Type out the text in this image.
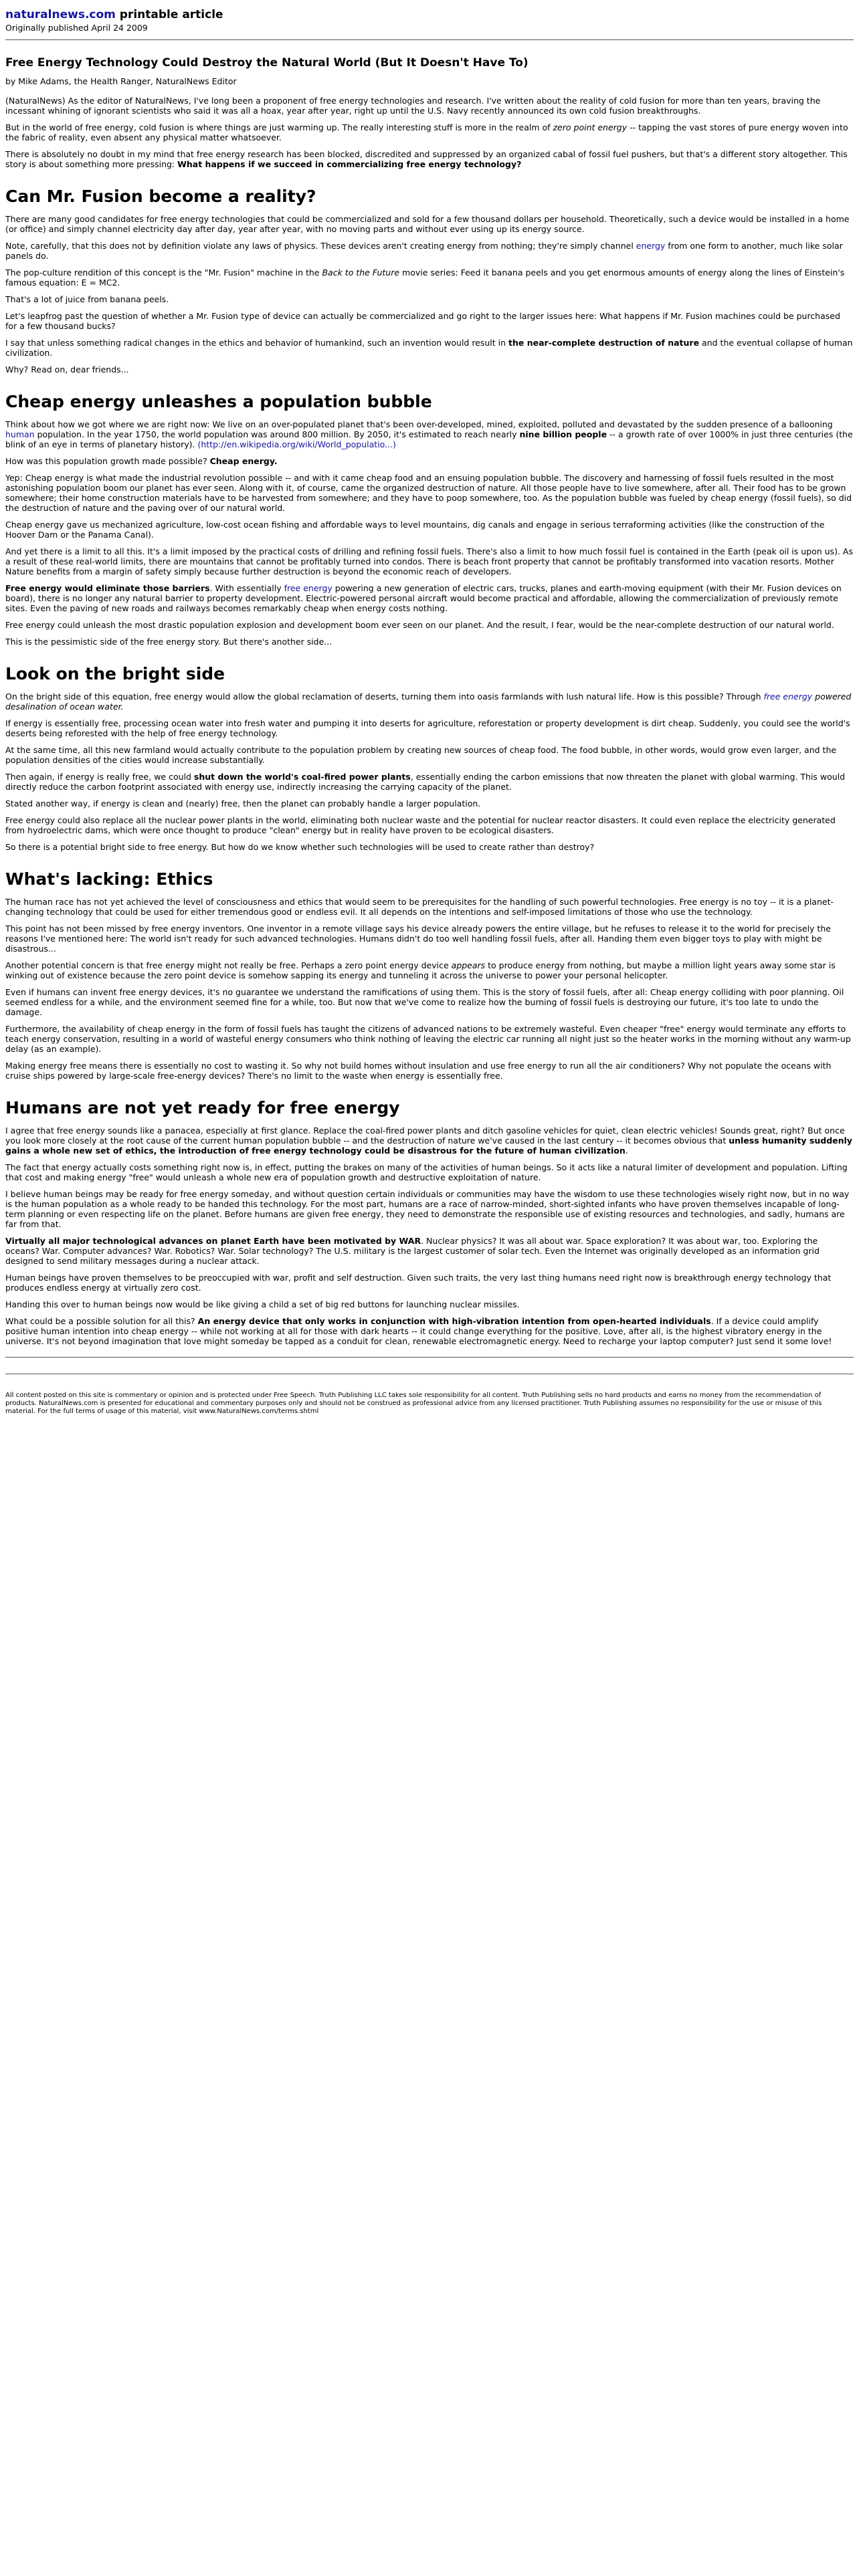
naturalnews.com printable article
Originally published April 24 2009
Free Energy Technology Could Destroy the Natural World (But It Doesn't Have To)
by Mike Adams, the Health Ranger, NaturalNews Editor

(NaturalNews) As the editor of NaturalNews, I've long been a proponent of free energy technologies and research. I've written about the reality of cold fusion for more than ten years, braving the incessant whining of ignorant scientists who said it was all a hoax, year after year, right up until the U.S. Navy recently announced its own cold fusion breakthroughs.

But in the world of free energy, cold fusion is where things are just warming up. The really interesting stuff is more in the realm of zero point energy -- tapping the vast stores of pure energy woven into the fabric of reality, even absent any physical matter whatsoever.

There is absolutely no doubt in my mind that free energy research has been blocked, discredited and suppressed by an organized cabal of fossil fuel pushers, but that's a different story altogether. This story is about something more pressing: What happens if we succeed in commercializing free energy technology?

Can Mr. Fusion become a reality?

There are many good candidates for free energy technologies that could be commercialized and sold for a few thousand dollars per household. Theoretically, such a device would be installed in a home (or office) and simply channel electricity day after day, year after year, with no moving parts and without ever using up its energy source.

Note, carefully, that this does not by definition violate any laws of physics. These devices aren't creating energy from nothing; they're simply channel energy from one form to another, much like solar panels do.

The pop-culture rendition of this concept is the "Mr. Fusion" machine in the Back to the Future movie series: Feed it banana peels and you get enormous amounts of energy along the lines of Einstein's famous equation: E = MC2.

That's a lot of juice from banana peels.

Let's leapfrog past the question of whether a Mr. Fusion type of device can actually be commercialized and go right to the larger issues here: What happens if Mr. Fusion machines could be purchased for a few thousand bucks?

I say that unless something radical changes in the ethics and behavior of humankind, such an invention would result in the near-complete destruction of nature and the eventual collapse of human civilization.

Why? Read on, dear friends...

Cheap energy unleashes a population bubble

Think about how we got where we are right now: We live on an over-populated planet that's been over-developed, mined, exploited, polluted and devastated by the sudden presence of a ballooning human population. In the year 1750, the world population was around 800 million. By 2050, it's estimated to reach nearly nine billion people -- a growth rate of over 1000% in just three centuries (the blink of an eye in terms of planetary history). (http://en.wikipedia.org/wiki/World_populatio...)

How was this population growth made possible? Cheap energy.

Yep: Cheap energy is what made the industrial revolution possible -- and with it came cheap food and an ensuing population bubble. The discovery and harnessing of fossil fuels resulted in the most astonishing population boom our planet has ever seen. Along with it, of course, came the organized destruction of nature. All those people have to live somewhere, after all. Their food has to be grown somewhere; their home construction materials have to be harvested from somewhere; and they have to poop somewhere, too. As the population bubble was fueled by cheap energy (fossil fuels), so did the destruction of nature and the paving over of our natural world.

Cheap energy gave us mechanized agriculture, low-cost ocean fishing and affordable ways to level mountains, dig canals and engage in serious terraforming activities (like the construction of the Hoover Dam or the Panama Canal).

And yet there is a limit to all this. It's a limit imposed by the practical costs of drilling and refining fossil fuels. There's also a limit to how much fossil fuel is contained in the Earth (peak oil is upon us). As a result of these real-world limits, there are mountains that cannot be profitably turned into condos. There is beach front property that cannot be profitably transformed into vacation resorts. Mother Nature benefits from a margin of safety simply because further destruction is beyond the economic reach of developers.

Free energy would eliminate those barriers. With essentially free energy powering a new generation of electric cars, trucks, planes and earth-moving equipment (with their Mr. Fusion devices on board), there is no longer any natural barrier to property development. Electric-powered personal aircraft would become practical and affordable, allowing the commercialization of previously remote sites. Even the paving of new roads and railways becomes remarkably cheap when energy costs nothing.

Free energy could unleash the most drastic population explosion and development boom ever seen on our planet. And the result, I fear, would be the near-complete destruction of our natural world.

This is the pessimistic side of the free energy story. But there's another side...

Look on the bright side

On the bright side of this equation, free energy would allow the global reclamation of deserts, turning them into oasis farmlands with lush natural life. How is this possible? Through free energy powered desalination of ocean water.

If energy is essentially free, processing ocean water into fresh water and pumping it into deserts for agriculture, reforestation or property development is dirt cheap. Suddenly, you could see the world's deserts being reforested with the help of free energy technology.

At the same time, all this new farmland would actually contribute to the population problem by creating new sources of cheap food. The food bubble, in other words, would grow even larger, and the population densities of the cities would increase substantially.

Then again, if energy is really free, we could shut down the world's coal-fired power plants, essentially ending the carbon emissions that now threaten the planet with global warming. This would directly reduce the carbon footprint associated with energy use, indirectly increasing the carrying capacity of the planet.

Stated another way, if energy is clean and (nearly) free, then the planet can probably handle a larger population.

Free energy could also replace all the nuclear power plants in the world, eliminating both nuclear waste and the potential for nuclear reactor disasters. It could even replace the electricity generated from hydroelectric dams, which were once thought to produce "clean" energy but in reality have proven to be ecological disasters.

So there is a potential bright side to free energy. But how do we know whether such technologies will be used to create rather than destroy?

What's lacking: Ethics

The human race has not yet achieved the level of consciousness and ethics that would seem to be prerequisites for the handling of such powerful technologies. Free energy is no toy -- it is a planet-changing technology that could be used for either tremendous good or endless evil. It all depends on the intentions and self-imposed limitations of those who use the technology.

This point has not been missed by free energy inventors. One inventor in a remote village says his device already powers the entire village, but he refuses to release it to the world for precisely the reasons I've mentioned here: The world isn't ready for such advanced technologies. Humans didn't do too well handling fossil fuels, after all. Handing them even bigger toys to play with might be disastrous...

Another potential concern is that free energy might not really be free. Perhaps a zero point energy device appears to produce energy from nothing, but maybe a million light years away some star is winking out of existence because the zero point device is somehow sapping its energy and tunneling it across the universe to power your personal helicopter.

Even if humans can invent free energy devices, it's no guarantee we understand the ramifications of using them. This is the story of fossil fuels, after all: Cheap energy colliding with poor planning. Oil seemed endless for a while, and the environment seemed fine for a while, too. But now that we've come to realize how the burning of fossil fuels is destroying our future, it's too late to undo the damage.

Furthermore, the availability of cheap energy in the form of fossil fuels has taught the citizens of advanced nations to be extremely wasteful. Even cheaper "free" energy would terminate any efforts to teach energy conservation, resulting in a world of wasteful energy consumers who think nothing of leaving the electric car running all night just so the heater works in the morning without any warm-up delay (as an example).

Making energy free means there is essentially no cost to wasting it. So why not build homes without insulation and use free energy to run all the air conditioners? Why not populate the oceans with cruise ships powered by large-scale free-energy devices? There's no limit to the waste when energy is essentially free.

Humans are not yet ready for free energy

I agree that free energy sounds like a panacea, especially at first glance. Replace the coal-fired power plants and ditch gasoline vehicles for quiet, clean electric vehicles! Sounds great, right? But once you look more closely at the root cause of the current human population bubble -- and the destruction of nature we've caused in the last century -- it becomes obvious that unless humanity suddenly gains a whole new set of ethics, the introduction of free energy technology could be disastrous for the future of human civilization.

The fact that energy actually costs something right now is, in effect, putting the brakes on many of the activities of human beings. So it acts like a natural limiter of development and population. Lifting that cost and making energy "free" would unleash a whole new era of population growth and destructive exploitation of nature.

I believe human beings may be ready for free energy someday, and without question certain individuals or communities may have the wisdom to use these technologies wisely right now, but in no way is the human population as a whole ready to be handed this technology. For the most part, humans are a race of narrow-minded, short-sighted infants who have proven themselves incapable of long-term planning or even respecting life on the planet. Before humans are given free energy, they need to demonstrate the responsible use of existing resources and technologies, and sadly, humans are far from that.

Virtually all major technological advances on planet Earth have been motivated by WAR. Nuclear physics? It was all about war. Space exploration? It was about war, too. Exploring the oceans? War. Computer advances? War. Robotics? War. Solar technology? The U.S. military is the largest customer of solar tech. Even the Internet was originally developed as an information grid designed to send military messages during a nuclear attack.

Human beings have proven themselves to be preoccupied with war, profit and self destruction. Given such traits, the very last thing humans need right now is breakthrough energy technology that produces endless energy at virtually zero cost.

Handing this over to human beings now would be like giving a child a set of big red buttons for launching nuclear missiles.

What could be a possible solution for all this? An energy device that only works in conjunction with high-vibration intention from open-hearted individuals. If a device could amplify positive human intention into cheap energy -- while not working at all for those with dark hearts -- it could change everything for the positive. Love, after all, is the highest vibratory energy in the universe. It's not beyond imagination that love might someday be tapped as a conduit for clean, renewable electromagnetic energy. Need to recharge your laptop computer? Just send it some love!

All content posted on this site is commentary or opinion and is protected under Free Speech. Truth Publishing LLC takes sole responsibility for all content. Truth Publishing sells no hard products and earns no money from the recommendation of products. NaturalNews.com is presented for educational and commentary purposes only and should not be construed as professional advice from any licensed practitioner. Truth Publishing assumes no responsibility for the use or misuse of this material. For the full terms of usage of this material, visit www.NaturalNews.com/terms.shtml
